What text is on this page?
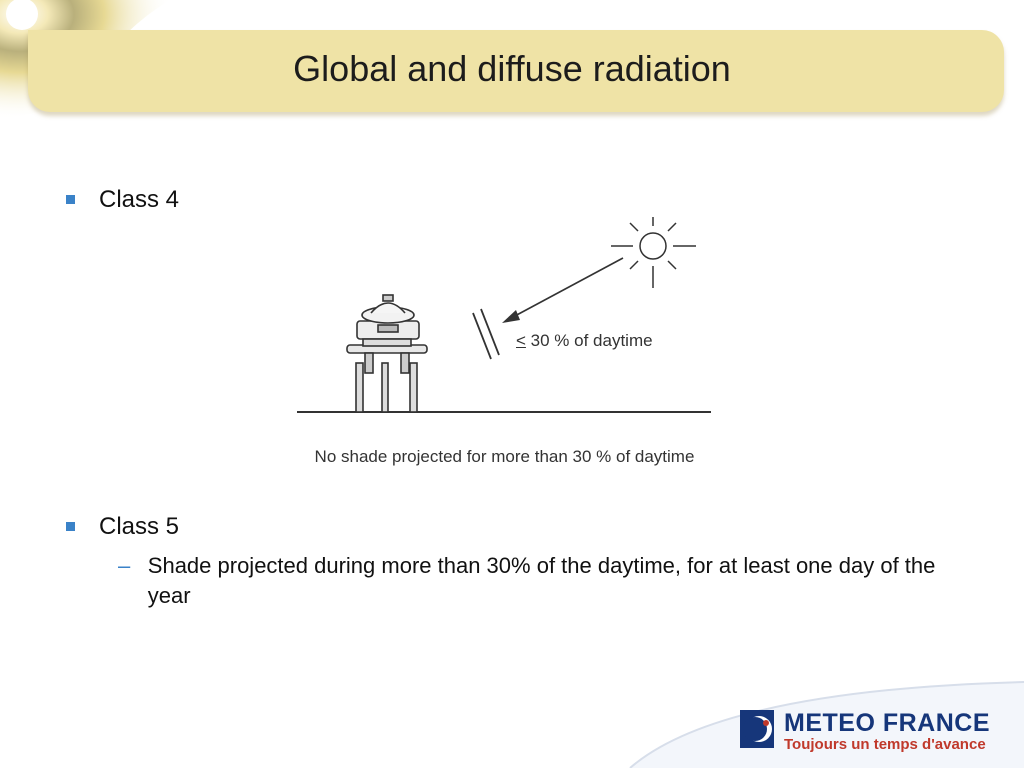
Global and diffuse radiation
Class 4
< 30 % of daytime
No shade projected for more than 30 % of daytime
Class 5
– Shade projected during more than 30% of the daytime, for at least one day of the year
METEO FRANCE
Toujours un temps d'avance
